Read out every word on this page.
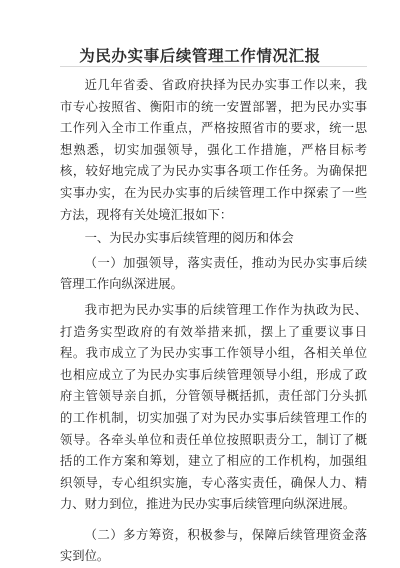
为民办实事后续管理工作情况汇报

近几年省委、省政府抉择为民办实事工作以来，我市专心按照省、衡阳市的统一安置部署，把为民办实事工作列入全市工作重点，严格按照省市的要求，统一思想熟悉，切实加强领导，强化工作措施，严格目标考核，较好地完成了为民办实事各项工作任务。为确保把实事办实，在为民办实事的后续管理工作中探索了一些方法，现将有关处境汇报如下：

一、为民办实事后续管理的阅历和体会

（一）加强领导，落实责任，推动为民办实事后续管理工作向纵深进展。

我市把为民办实事的后续管理工作作为执政为民、打造务实型政府的有效举措来抓，摆上了重要议事日程。我市成立了为民办实事工作领导小组，各相关单位也相应成立了为民办实事后续管理领导小组，形成了政府主管领导亲自抓，分管领导概括抓，责任部门分头抓的工作机制，切实加强了对为民办实事后续管理工作的领导。各牵头单位和责任单位按照职责分工，制订了概括的工作方案和筹划，建立了相应的工作机构，加强组织领导，专心组织实施，专心落实责任，确保人力、精力、财力到位，推进为民办实事后续管理向纵深进展。

（二）多方筹资，积极参与，保障后续管理资金落实到位。
